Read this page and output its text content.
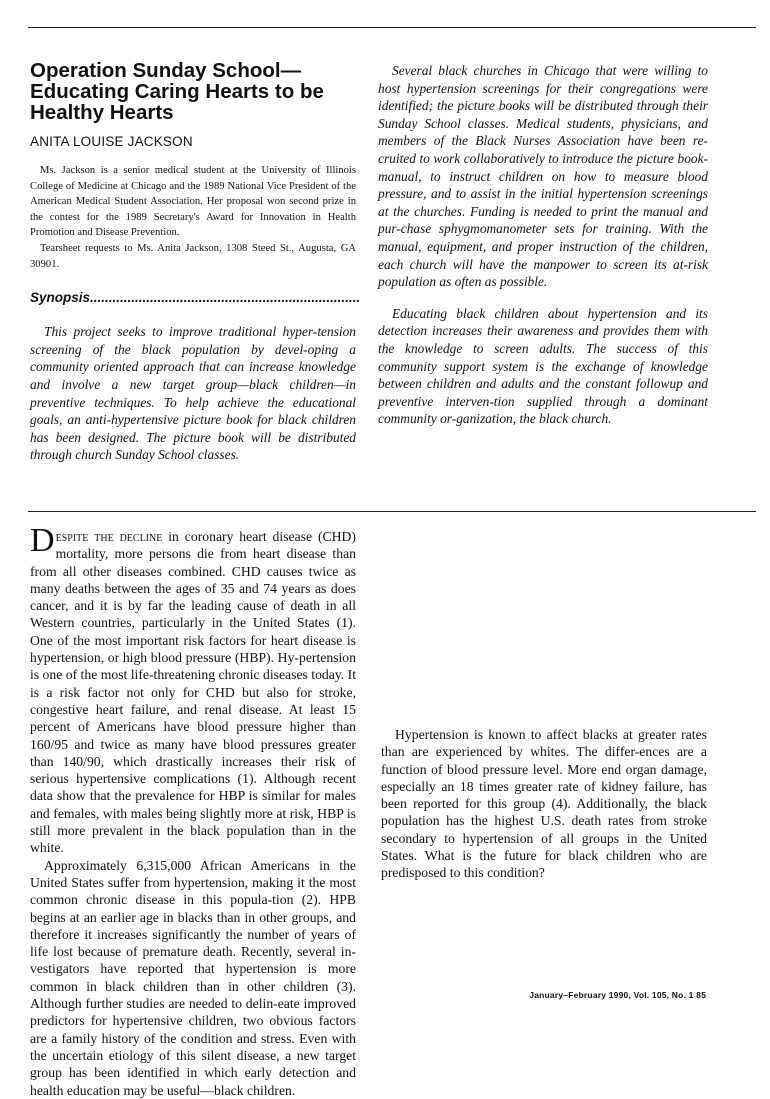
Operation Sunday School— Educating Caring Hearts to be Healthy Hearts
ANITA LOUISE JACKSON

Ms. Jackson is a senior medical student at the University of Illinois College of Medicine at Chicago and the 1989 National Vice President of the American Medical Student Association. Her proposal won second prize in the contest for the 1989 Secretary's Award for Innovation in Health Promotion and Disease Prevention.

Tearsheet requests to Ms. Anita Jackson, 1308 Steed St., Augusta, GA 30901.

Synopsis........................................................................

This project seeks to improve traditional hyper-tension screening of the black population by devel-oping a community oriented approach that can increase knowledge and involve a new target group—black children—in preventive techniques. To help achieve the educational goals, an anti-hypertensive picture book for black children has been designed. The picture book will be distributed through church Sunday School classes.

Several black churches in Chicago that were willing to host hypertension screenings for their congregations were identified; the picture books will be distributed through their Sunday School classes. Medical students, physicians, and members of the Black Nurses Association have been re-cruited to work collaboratively to introduce the picture book-manual, to instruct children on how to measure blood pressure, and to assist in the initial hypertension screenings at the churches. Funding is needed to print the manual and pur-chase sphygmomanometer sets for training. With the manual, equipment, and proper instruction of the children, each church will have the manpower to screen its at-risk population as often as possible.

Educating black children about hypertension and its detection increases their awareness and provides them with the knowledge to screen adults. The success of this community support system is the exchange of knowledge between children and adults and the constant followup and preventive interven-tion supplied through a dominant community or-ganization, the black church.

Despite the decline in coronary heart disease (CHD) mortality, more persons die from heart disease than from all other diseases combined. CHD causes twice as many deaths between the ages of 35 and 74 years as does cancer, and it is by far the leading cause of death in all Western countries, particularly in the United States (1). One of the most important risk factors for heart disease is hypertension, or high blood pressure (HBP). Hy-pertension is one of the most life-threatening chronic diseases today. It is a risk factor not only for CHD but also for stroke, congestive heart failure, and renal disease. At least 15 percent of Americans have blood pressure higher than 160/95 and twice as many have blood pressures greater than 140/90, which drastically increases their risk of serious hypertensive complications (1). Although recent data show that the prevalence for HBP is similar for males and females, with males being slightly more at risk, HBP is still more prevalent in the black population than in the white.

Approximately 6,315,000 African Americans in the United States suffer from hypertension, making it the most common chronic disease in this popula-tion (2). HPB begins at an earlier age in blacks than in other groups, and therefore it increases significantly the number of years of life lost because of premature death. Recently, several in-vestigators have reported that hypertension is more common in black children than in other children (3). Although further studies are needed to delin-eate improved predictors for hypertensive children, two obvious factors are a family history of the condition and stress. Even with the uncertain etiology of this silent disease, a new target group has been identified in which early detection and health education may be useful—black children.

Hypertension is known to affect blacks at greater rates than are experienced by whites. The differ-ences are a function of blood pressure level. More end organ damage, especially an 18 times greater rate of kidney failure, has been reported for this group (4). Additionally, the black population has the highest U.S. death rates from stroke secondary to hypertension of all groups in the United States. What is the future for black children who are predisposed to this condition?

January–February 1990, Vol. 105, No. 1 85
